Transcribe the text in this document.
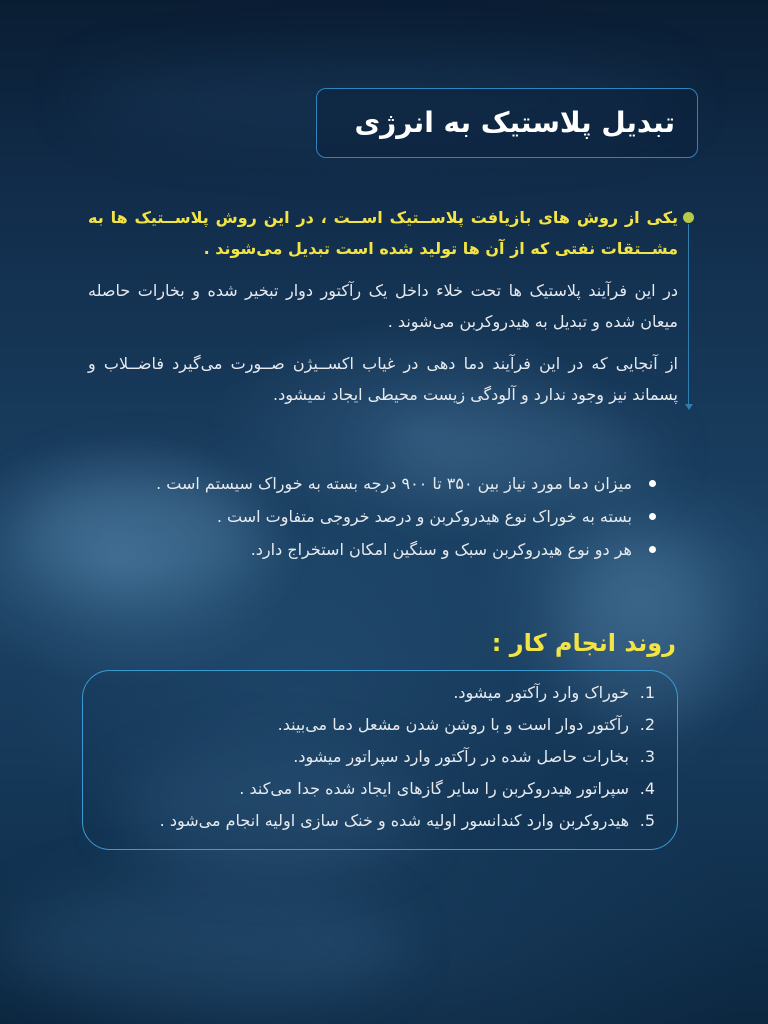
تبدیل پلاستیک به انرژی

یکی از روش های بازیافت پلاســتیک اســت ، در این روش پلاســتیک ها به مشــتقات نفتی که از آن ها تولید شده است تبدیل می‌شوند .

در این فرآیند پلاستیک ها تحت خلاء داخل یک رآکتور دوار تبخیر شده و بخارات حاصله میعان شده و تبدیل به هیدروکربن می‌شوند .

از آنجایی که در این فرآیند دما دهی در غیاب اکســیژن صــورت می‌گیرد فاضــلاب و پسماند نیز وجود ندارد و آلودگی زیست محیطی ایجاد نمیشود.

میزان دما مورد نیاز بین ۳۵۰ تا ۹۰۰ درجه بسته به خوراک سیستم است .
بسته به خوراک نوع هیدروکربن و درصد خروجی متفاوت است .
هر دو نوع هیدروکربن سبک و سنگین امکان استخراج دارد.
روند انجام کار :
1.
خوراک وارد رآکتور میشود.
2.
رآکتور دوار است و با روشن شدن مشعل دما می‌بیند.
3.
بخارات حاصل شده در رآکتور وارد سپراتور میشود.
4.
سپراتور هیدروکربن را سایر گازهای ایجاد شده جدا می‌کند .
5.
هیدروکربن وارد کندانسور اولیه شده و خنک سازی اولیه انجام می‌شود .
